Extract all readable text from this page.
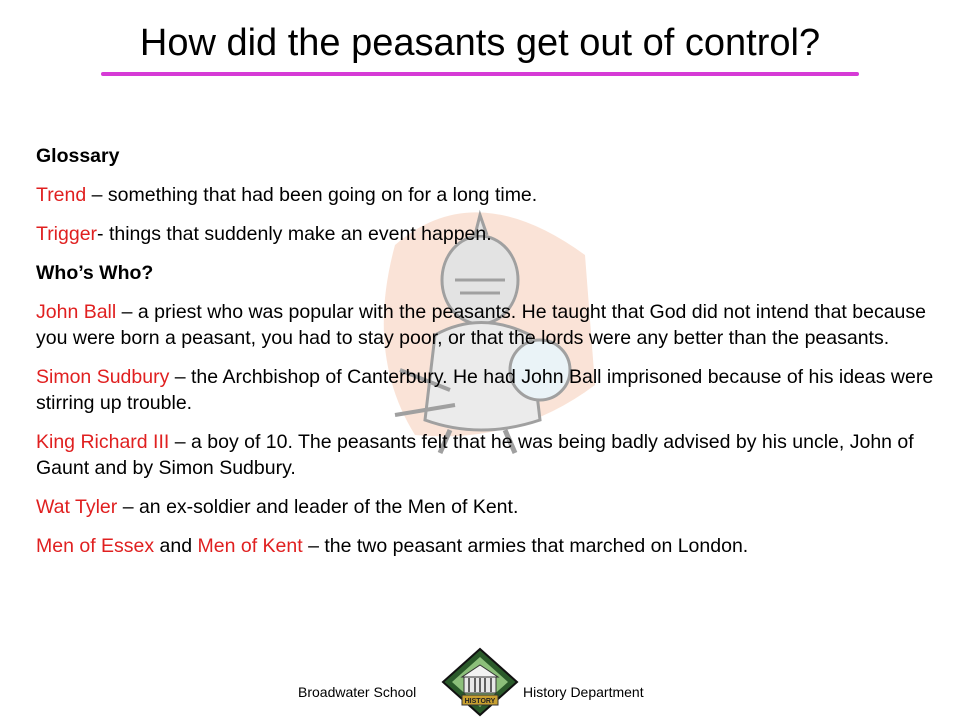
How did the peasants get out of control?

Glossary

Trend – something that had been going on for a long time.

Trigger- things that suddenly make an event happen.

Who’s Who?

John Ball – a priest who was popular with the peasants. He taught that God did not intend that because you were born a peasant, you had to stay poor, or that the lords were any better than the peasants.

Simon Sudbury – the Archbishop of Canterbury. He had John Ball imprisoned because of his ideas were stirring up trouble.

King Richard III – a boy of 10. The peasants felt that he was being badly advised by his uncle, John of Gaunt and by Simon Sudbury.

Wat Tyler – an ex-soldier and leader of the Men of Kent.

Men of Essex and Men of Kent – the two peasant armies that marched on London.

Broadwater School
HISTORY
History Department
